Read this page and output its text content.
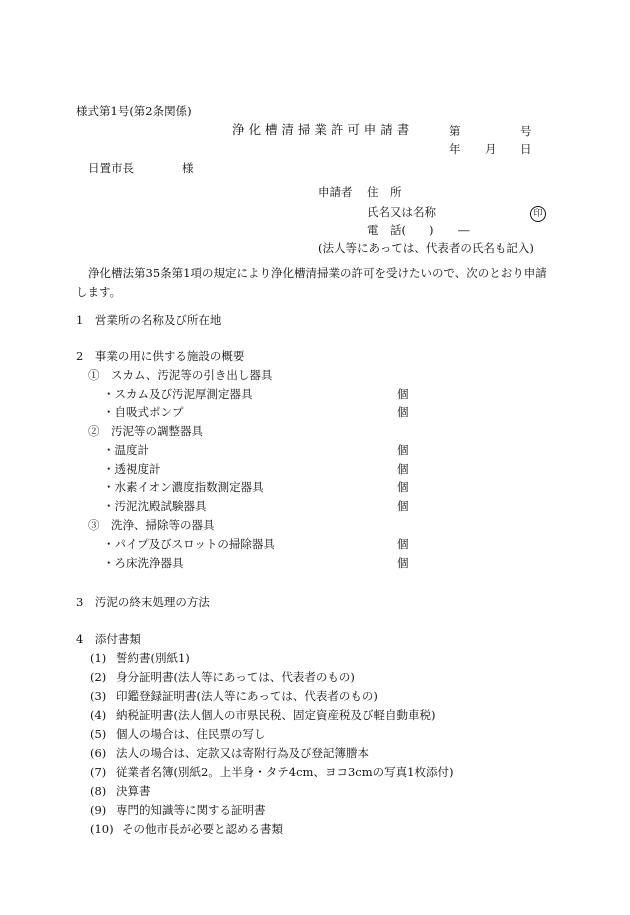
様式第1号(第2条関係)
浄 化 槽 清 掃 業 許 可 申 請 書	第	号
年 月 日
日置市長	様
申請者 住　所
氏名又は名称	印
電　話(　　) ―
(法人等にあっては、代表者の氏名も記入)
浄化槽法第35条第1項の規定により浄化槽清掃業の許可を受けたいので、次のとおり申請
します。
1　営業所の名称及び所在地
2　事業の用に供する施設の概要
①　スカム、汚泥等の引き出し器具
・スカム及び汚泥厚測定器具	個
・自吸式ポンプ	個
②　汚泥等の調整器具
・温度計	個
・透視度計	個
・水素イオン濃度指数測定器具	個
・汚泥沈殿試験器具	個
③　洗浄、掃除等の器具
・パイプ及びスロットの掃除器具	個
・ろ床洗浄器具	個
3　汚泥の終末処理の方法
4　添付書類
(1) 誓約書(別紙1)
(2) 身分証明書(法人等にあっては、代表者のもの)
(3) 印鑑登録証明書(法人等にあっては、代表者のもの)
(4) 納税証明書(法人個人の市県民税、固定資産税及び軽自動車税)
(5) 個人の場合は、住民票の写し
(6) 法人の場合は、定款又は寄附行為及び登記簿謄本
(7) 従業者名簿(別紙2。上半身・タテ4cm、ヨコ3cmの写真1枚添付)
(8) 決算書
(9) 専門的知識等に関する証明書
(10) その他市長が必要と認める書類
